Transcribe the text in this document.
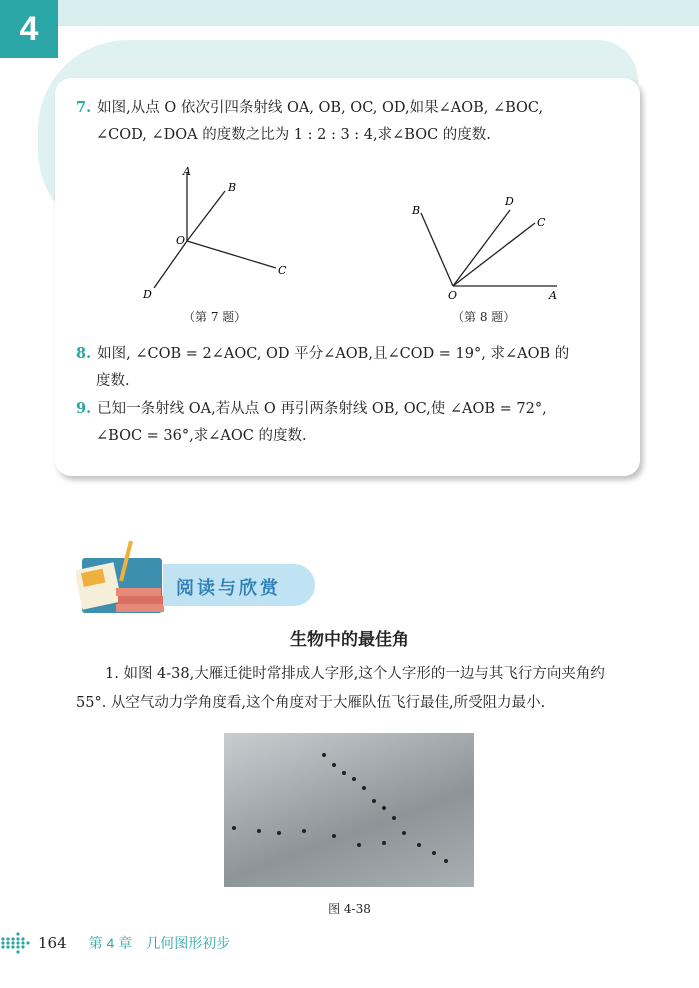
4
7. 如图,从点 O 依次引四条射线 OA, OB, OC, OD,如果∠AOB, ∠BOC,
∠COD, ∠DOA 的度数之比为 1 : 2 : 3 : 4,求∠BOC 的度数.
A
B
C
D
O
B
D
C
A
O
（第 7 题）	（第 8 题）
8. 如图, ∠COB = 2∠AOC, OD 平分∠AOB,且∠COD = 19°, 求∠AOB 的
度数.
9. 已知一条射线 OA,若从点 O 再引两条射线 OB, OC,使 ∠AOB = 72°,
∠BOC = 36°,求∠AOC 的度数.
阅读与欣赏
生物中的最佳角
1. 如图 4-38,大雁迁徙时常排成人字形,这个人字形的一边与其飞行方向夹角约 55°. 从空气动力学角度看,这个角度对于大雁队伍飞行最佳,所受阻力最小.
图 4-38
164 第 4 章　几何图形初步
